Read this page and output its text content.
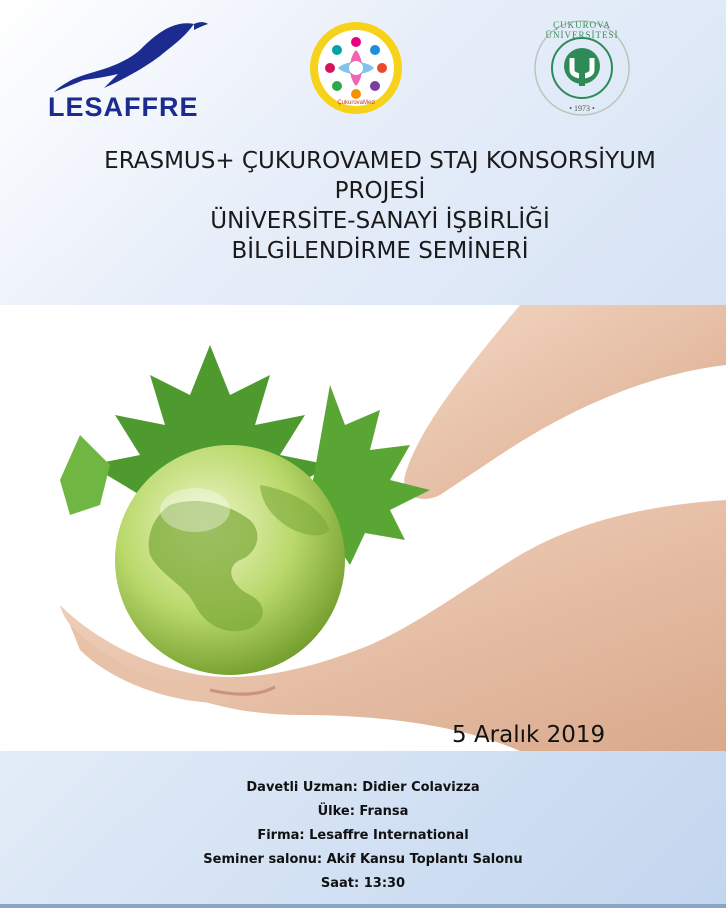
LESAFFRE	ÇukurovaMed
ÇUKUROVA ÜNİVERSİTESİ
• 1973 •
ERASMUS+ ÇUKUROVAMED STAJ KONSORSİYUM
PROJESİ
ÜNİVERSİTE-SANAYİ İŞBİRLİĞİ
BİLGİLENDİRME SEMİNERİ
5 Aralık 2019
Davetli Uzman: Didier Colavizza
Ülke: Fransa
Firma: Lesaffre International
Seminer salonu: Akif Kansu Toplantı Salonu
Saat: 13:30
